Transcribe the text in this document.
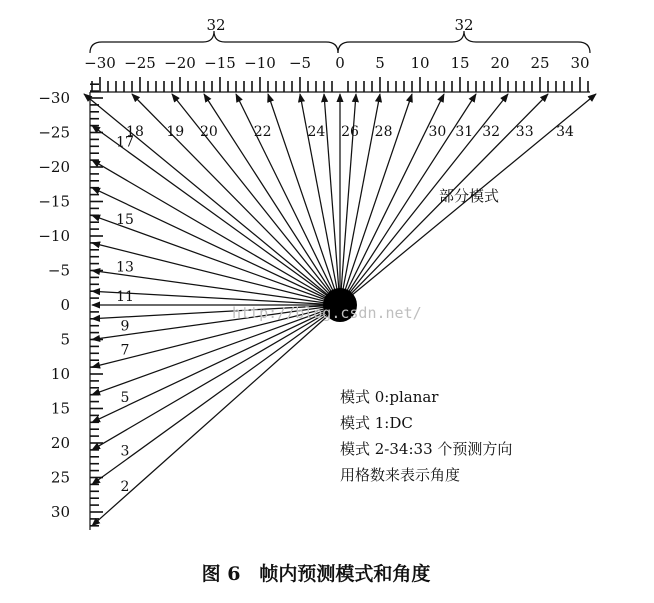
32	32
−30 −25 −20 −15 −10 −5 0 5 10 15 20 25 30
−30
−25
−20
−15
−10
−5
0
5
10
15
20
25
30
18 19 20	22	24 26 28	30 31 32 33 34
17
15
13
11
9
7
5
3
2
http://blog.csdn.net/
部分模式
模式 0:planar
模式 1:DC
模式 2-34:33 个预测方向
用格数来表示角度
图 6　帧内预测模式和角度
